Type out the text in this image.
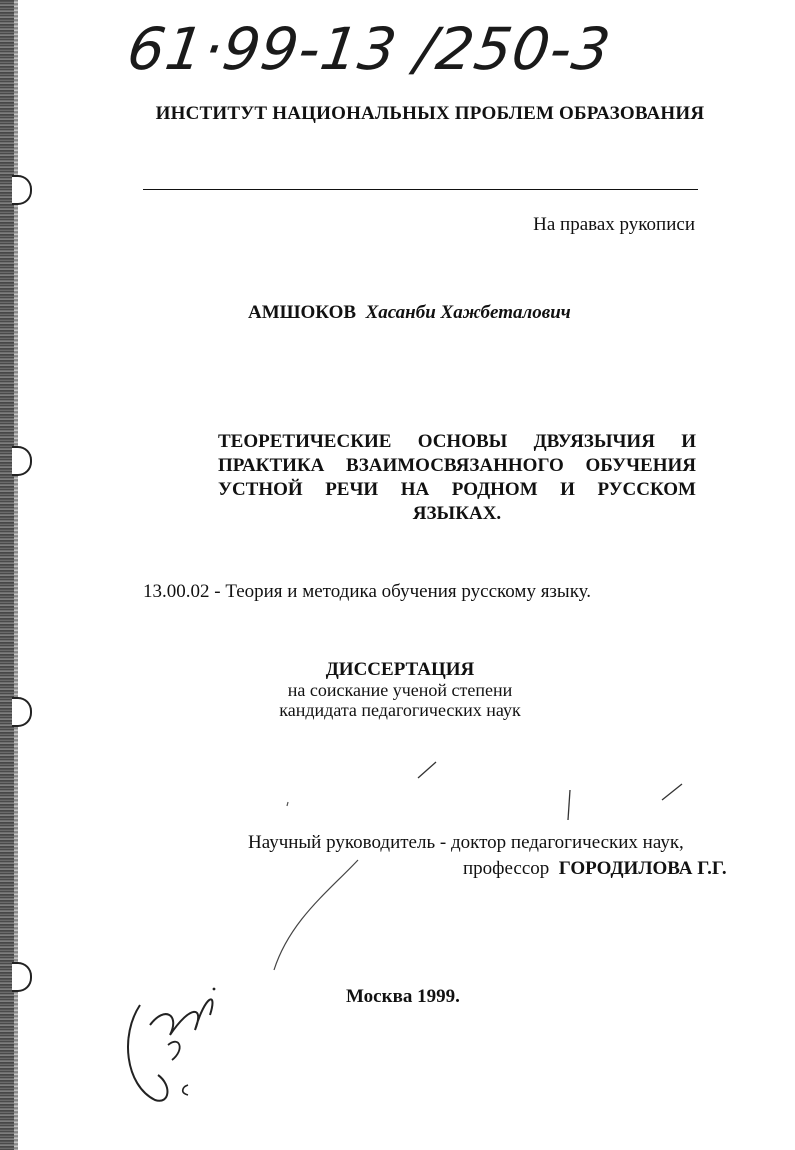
61·99-13 /250-3
ИНСТИТУТ НАЦИОНАЛЬНЫХ ПРОБЛЕМ ОБРАЗОВАНИЯ
На правах рукописи
АМШОКОВ Хасанби Хажбеталович
ТЕОРЕТИЧЕСКИЕ ОСНОВЫ ДВУЯЗЫЧИЯ И ПРАКТИКА ВЗАИМОСВЯЗАННОГО ОБУЧЕНИЯ УСТНОЙ РЕЧИ НА РОДНОМ И РУССКОМ ЯЗЫКАХ.
13.00.02 - Теория и методика обучения русскому языку.
ДИССЕРТАЦИЯ
на соискание ученой степени
кандидата педагогических наук
Научный руководитель - доктор педагогических наук,
профессор ГОРОДИЛОВА Г.Г.
Москва 1999.
